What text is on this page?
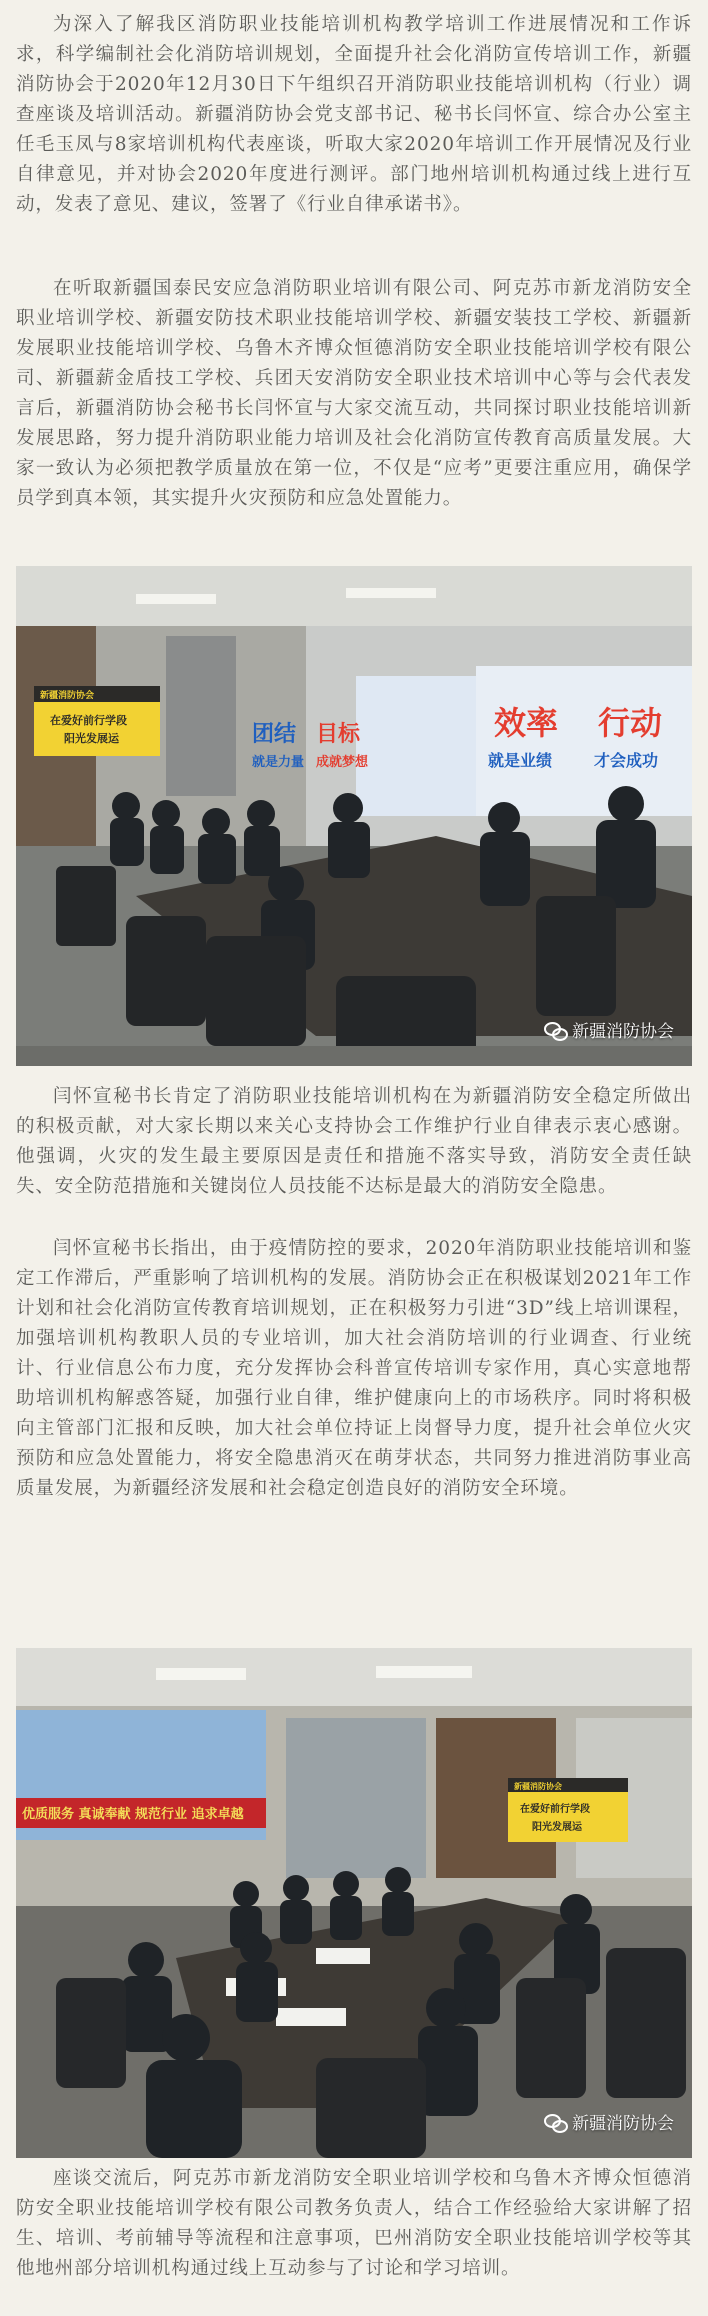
为深入了解我区消防职业技能培训机构教学培训工作进展情况和工作诉求，科学编制社会化消防培训规划，全面提升社会化消防宣传培训工作，新疆消防协会于2020年12月30日下午组织召开消防职业技能培训机构（行业）调查座谈及培训活动。新疆消防协会党支部书记、秘书长闫怀宣、综合办公室主任毛玉凤与8家培训机构代表座谈，听取大家2020年培训工作开展情况及行业自律意见，并对协会2020年度进行测评。部门地州培训机构通过线上进行互动，发表了意见、建议，签署了《行业自律承诺书》。

在听取新疆国泰民安应急消防职业培训有限公司、阿克苏市新龙消防安全职业培训学校、新疆安防技术职业技能培训学校、新疆安装技工学校、新疆新发展职业技能培训学校、乌鲁木齐博众恒德消防安全职业技能培训学校有限公司、新疆薪金盾技工学校、兵团天安消防安全职业技术培训中心等与会代表发言后，新疆消防协会秘书长闫怀宣与大家交流互动，共同探讨职业技能培训新发展思路，努力提升消防职业能力培训及社会化消防宣传教育高质量发展。大家一致认为必须把教学质量放在第一位，不仅是“应考”更要注重应用，确保学员学到真本领，其实提升火灾预防和应急处置能力。

团结
就是力量
目标
成就梦想
效率
就是业绩
行动
才会成功
新疆消防协会
在爱好前行学段
阳光发展运
新疆消防协会

闫怀宣秘书长肯定了消防职业技能培训机构在为新疆消防安全稳定所做出的积极贡献，对大家长期以来关心支持协会工作维护行业自律表示衷心感谢。他强调，火灾的发生最主要原因是责任和措施不落实导致，消防安全责任缺失、安全防范措施和关键岗位人员技能不达标是最大的消防安全隐患。

闫怀宣秘书长指出，由于疫情防控的要求，2020年消防职业技能培训和鉴定工作滞后，严重影响了培训机构的发展。消防协会正在积极谋划2021年工作计划和社会化消防宣传教育培训规划，正在积极努力引进“3D”线上培训课程，加强培训机构教职人员的专业培训，加大社会消防培训的行业调查、行业统计、行业信息公布力度，充分发挥协会科普宣传培训专家作用，真心实意地帮助培训机构解惑答疑，加强行业自律，维护健康向上的市场秩序。同时将积极向主管部门汇报和反映，加大社会单位持证上岗督导力度，提升社会单位火灾预防和应急处置能力，将安全隐患消灭在萌芽状态，共同努力推进消防事业高质量发展，为新疆经济发展和社会稳定创造良好的消防安全环境。

优质服务 真诚奉献 规范行业 追求卓越
新疆消防协会
在爱好前行学段
阳光发展运
新疆消防协会

座谈交流后，阿克苏市新龙消防安全职业培训学校和乌鲁木齐博众恒德消防安全职业技能培训学校有限公司教务负责人，结合工作经验给大家讲解了招生、培训、考前辅导等流程和注意事项，巴州消防安全职业技能培训学校等其他地州部分培训机构通过线上互动参与了讨论和学习培训。
